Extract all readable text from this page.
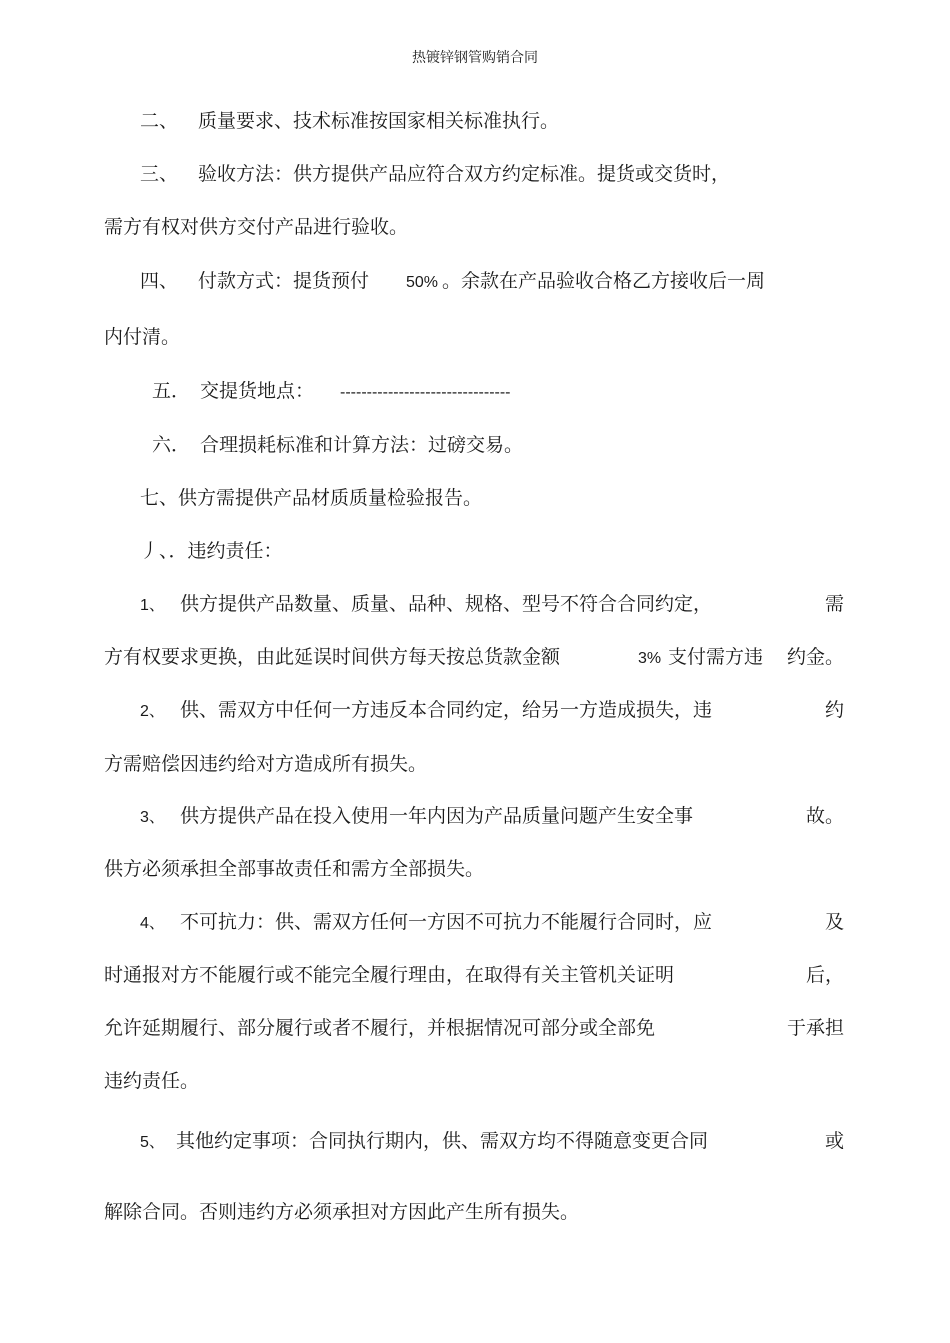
热镀锌钢管购销合同
二、 质量要求、技术标准按国家相关标准执行。
三、 验收方法：供方提供产品应符合双方约定标准。提货或交货时，
需方有权对供方交付产品进行验收。
四、 付款方式：提货预付 50% 。余款在产品验收合格乙方接收后一周
内付清。
五． 交提货地点： --------------------------------
六． 合理损耗标准和计算方法：过磅交易。
七、供方需提供产品材质质量检验报告。
丿、．违约责任：
1、 供方提供产品数量、质量、品种、规格、型号不符合合同约定，	需
方有权要求更换，由此延误时间供方每天按总货款金额	3% 支付需方违 约金。
2、 供、需双方中任何一方违反本合同约定，给另一方造成损失，违	约
方需赔偿因违约给对方造成所有损失。
3、 供方提供产品在投入使用一年内因为产品质量问题产生安全事	故。
供方必须承担全部事故责任和需方全部损失。
4、 不可抗力：供、需双方任何一方因不可抗力不能履行合同时，应	及
时通报对方不能履行或不能完全履行理由，在取得有关主管机关证明	后，
允许延期履行、部分履行或者不履行，并根据情况可部分或全部免	于承担
违约责任。
5、 其他约定事项：合同执行期内，供、需双方均不得随意变更合同	或
解除合同。否则违约方必须承担对方因此产生所有损失。
